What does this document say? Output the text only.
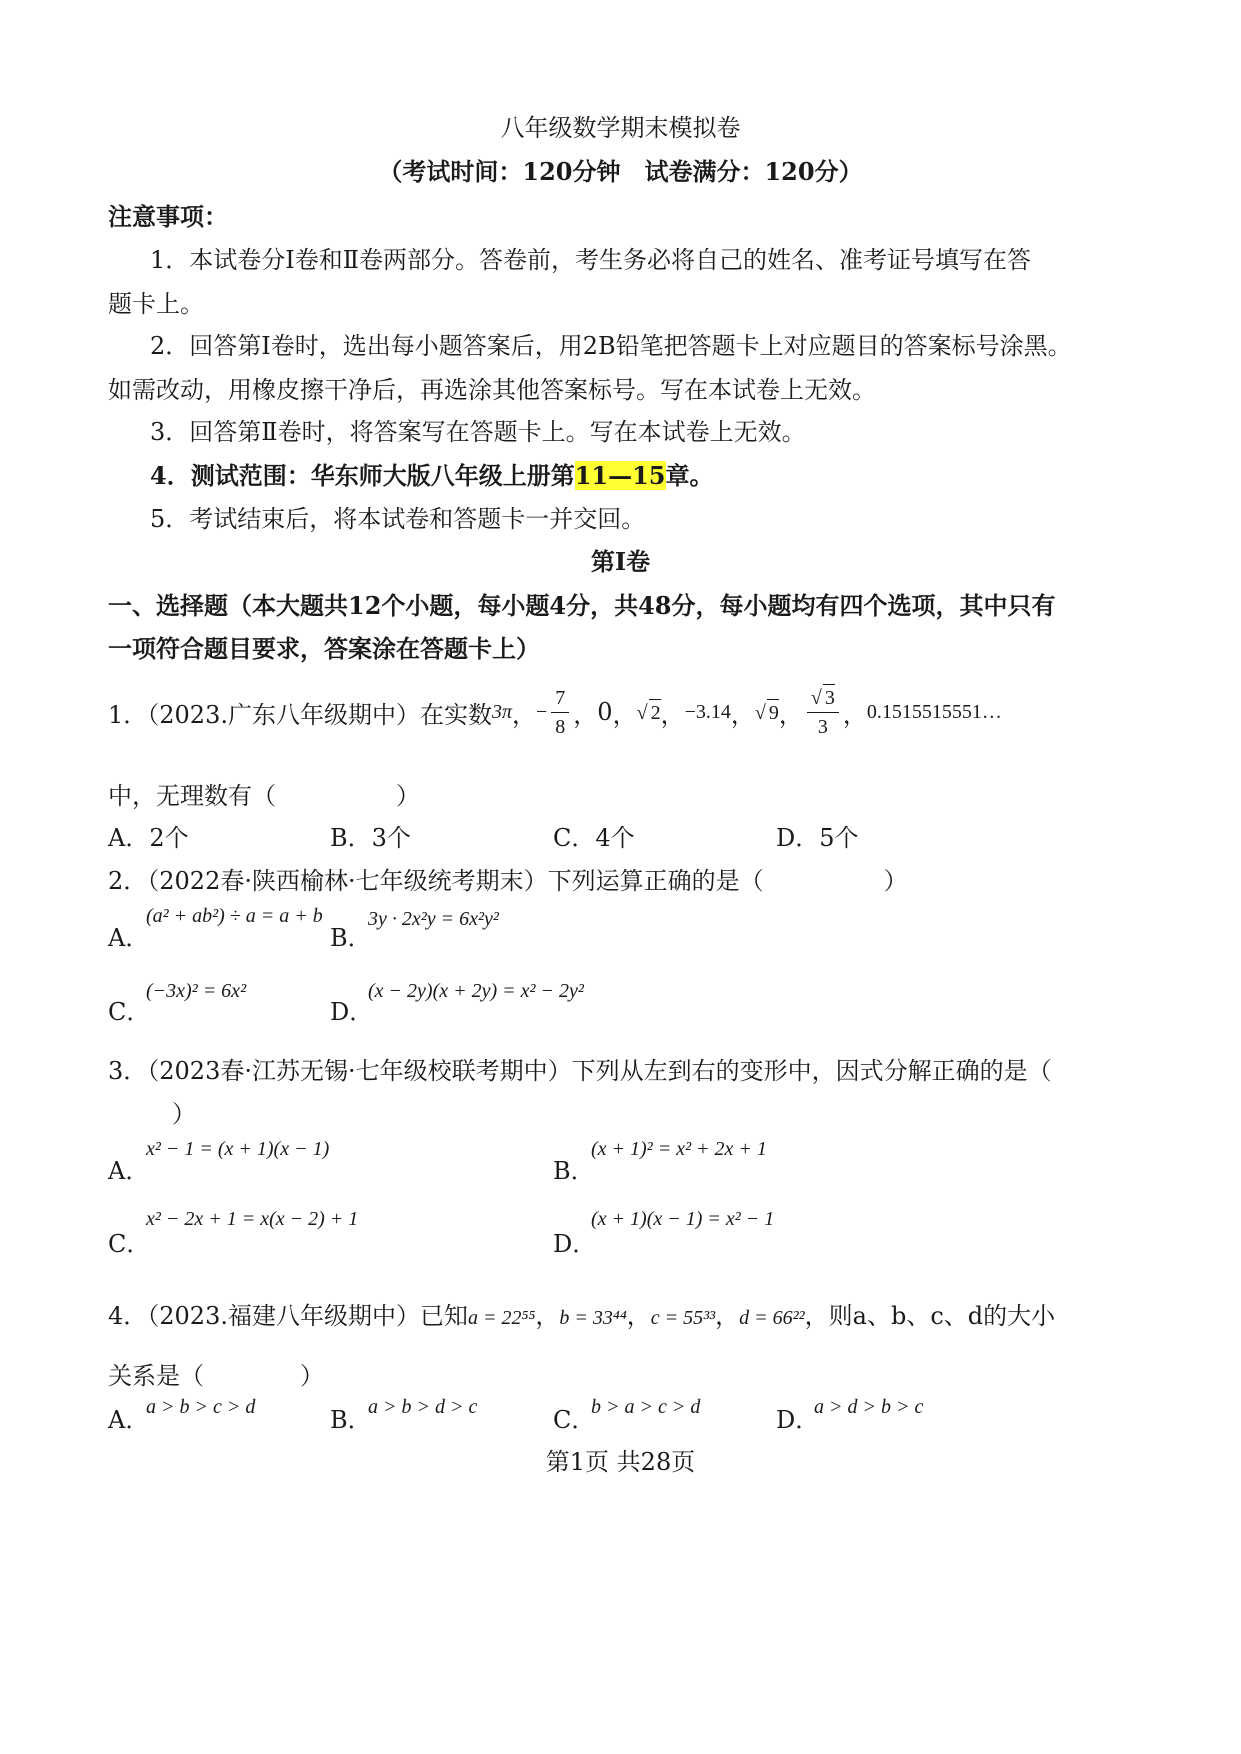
八年级数学期末模拟卷
（考试时间：120分钟　试卷满分：120分）
注意事项：
1．本试卷分Ⅰ卷和Ⅱ卷两部分。答卷前，考生务必将自己的姓名、准考证号填写在答
题卡上。
2．回答第Ⅰ卷时，选出每小题答案后，用2B铅笔把答题卡上对应题目的答案标号涂黑。
如需改动，用橡皮擦干净后，再选涂其他答案标号。写在本试卷上无效。
3．回答第Ⅱ卷时，将答案写在答题卡上。写在本试卷上无效。
4．测试范围：华东师大版八年级上册第11—15章。
5．考试结束后，将本试卷和答题卡一并交回。
第Ⅰ卷
一、选择题（本大题共12个小题，每小题4分，共48分，每小题均有四个选项，其中只有
一项符合题目要求，答案涂在答题卡上）
1．（2023.广东八年级期中）在实数 3π ， − $\frac{7}{8}$ ， 0 ， √ 2 ， −3.14 ， √ 9 ， $\frac{√ 3}{3}$ ， 0.1515515551…
中，无理数有（　　　　　）
A．2个	B．3个	C．4个	D．5个
2．（2022春·陕西榆林·七年级统考期末）下列运算正确的是（　　　　　）
A．
(a² + ab²) ÷ a = a + b
B．
3y · 2x²y = 6x²y²
C．
(−3x)² = 6x²
D．
(x − 2y)(x + 2y) = x² − 2y²
3．（2023春·江苏无锡·七年级校联考期中）下列从左到右的变形中，因式分解正确的是（
）
A．
x² − 1 = (x + 1)(x − 1)
B．
(x + 1)² = x² + 2x + 1
C．
x² − 2x + 1 = x(x − 2) + 1
D．
(x + 1)(x − 1) = x² − 1
4．（2023.福建八年级期中）已知a = 22⁵⁵，b = 33⁴⁴，c = 55³³，d = 66²²，则a、b、c、d的大小
关系是（　　　　）
A．
a > b > c > d	B．
a > b > d > c	C．
b > a > c > d	D．
a > d > b > c
第1页 共28页
